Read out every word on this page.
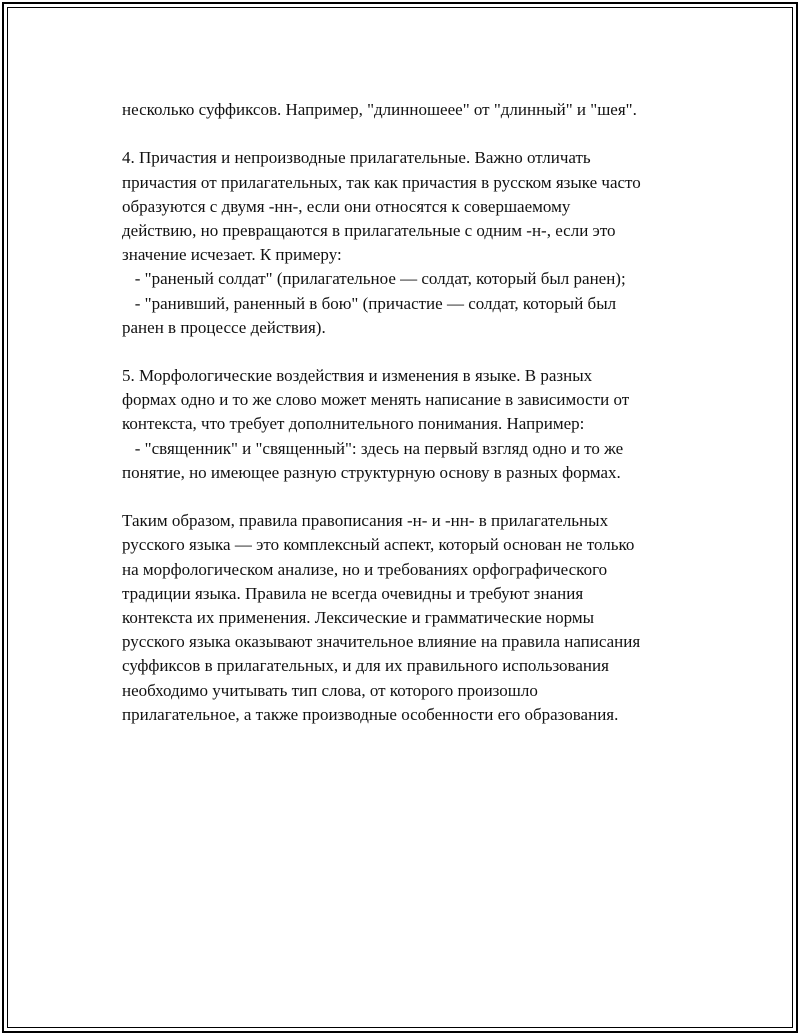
несколько суффиксов. Например, "длинношеее" от "длинный" и "шея".
4. Причастия и непроизводные прилагательные. Важно отличать
причастия от прилагательных, так как причастия в русском языке часто
образуются с двумя -нн-, если они относятся к совершаемому
действию, но превращаются в прилагательные с одним -н-, если это
значение исчезает. К примеру:
- "раненый солдат" (прилагательное — солдат, который был ранен);
- "ранивший, раненный в бою" (причастие — солдат, который был
ранен в процессе действия).
5. Морфологические воздействия и изменения в языке. В разных
формах одно и то же слово может менять написание в зависимости от
контекста, что требует дополнительного понимания. Например:
- "священник" и "священный": здесь на первый взгляд одно и то же
понятие, но имеющее разную структурную основу в разных формах.
Таким образом, правила правописания -н- и -нн- в прилагательных
русского языка — это комплексный аспект, который основан не только
на морфологическом анализе, но и требованиях орфографического
традиции языка. Правила не всегда очевидны и требуют знания
контекста их применения. Лексические и грамматические нормы
русского языка оказывают значительное влияние на правила написания
суффиксов в прилагательных, и для их правильного использования
необходимо учитывать тип слова, от которого произошло
прилагательное, а также производные особенности его образования.
